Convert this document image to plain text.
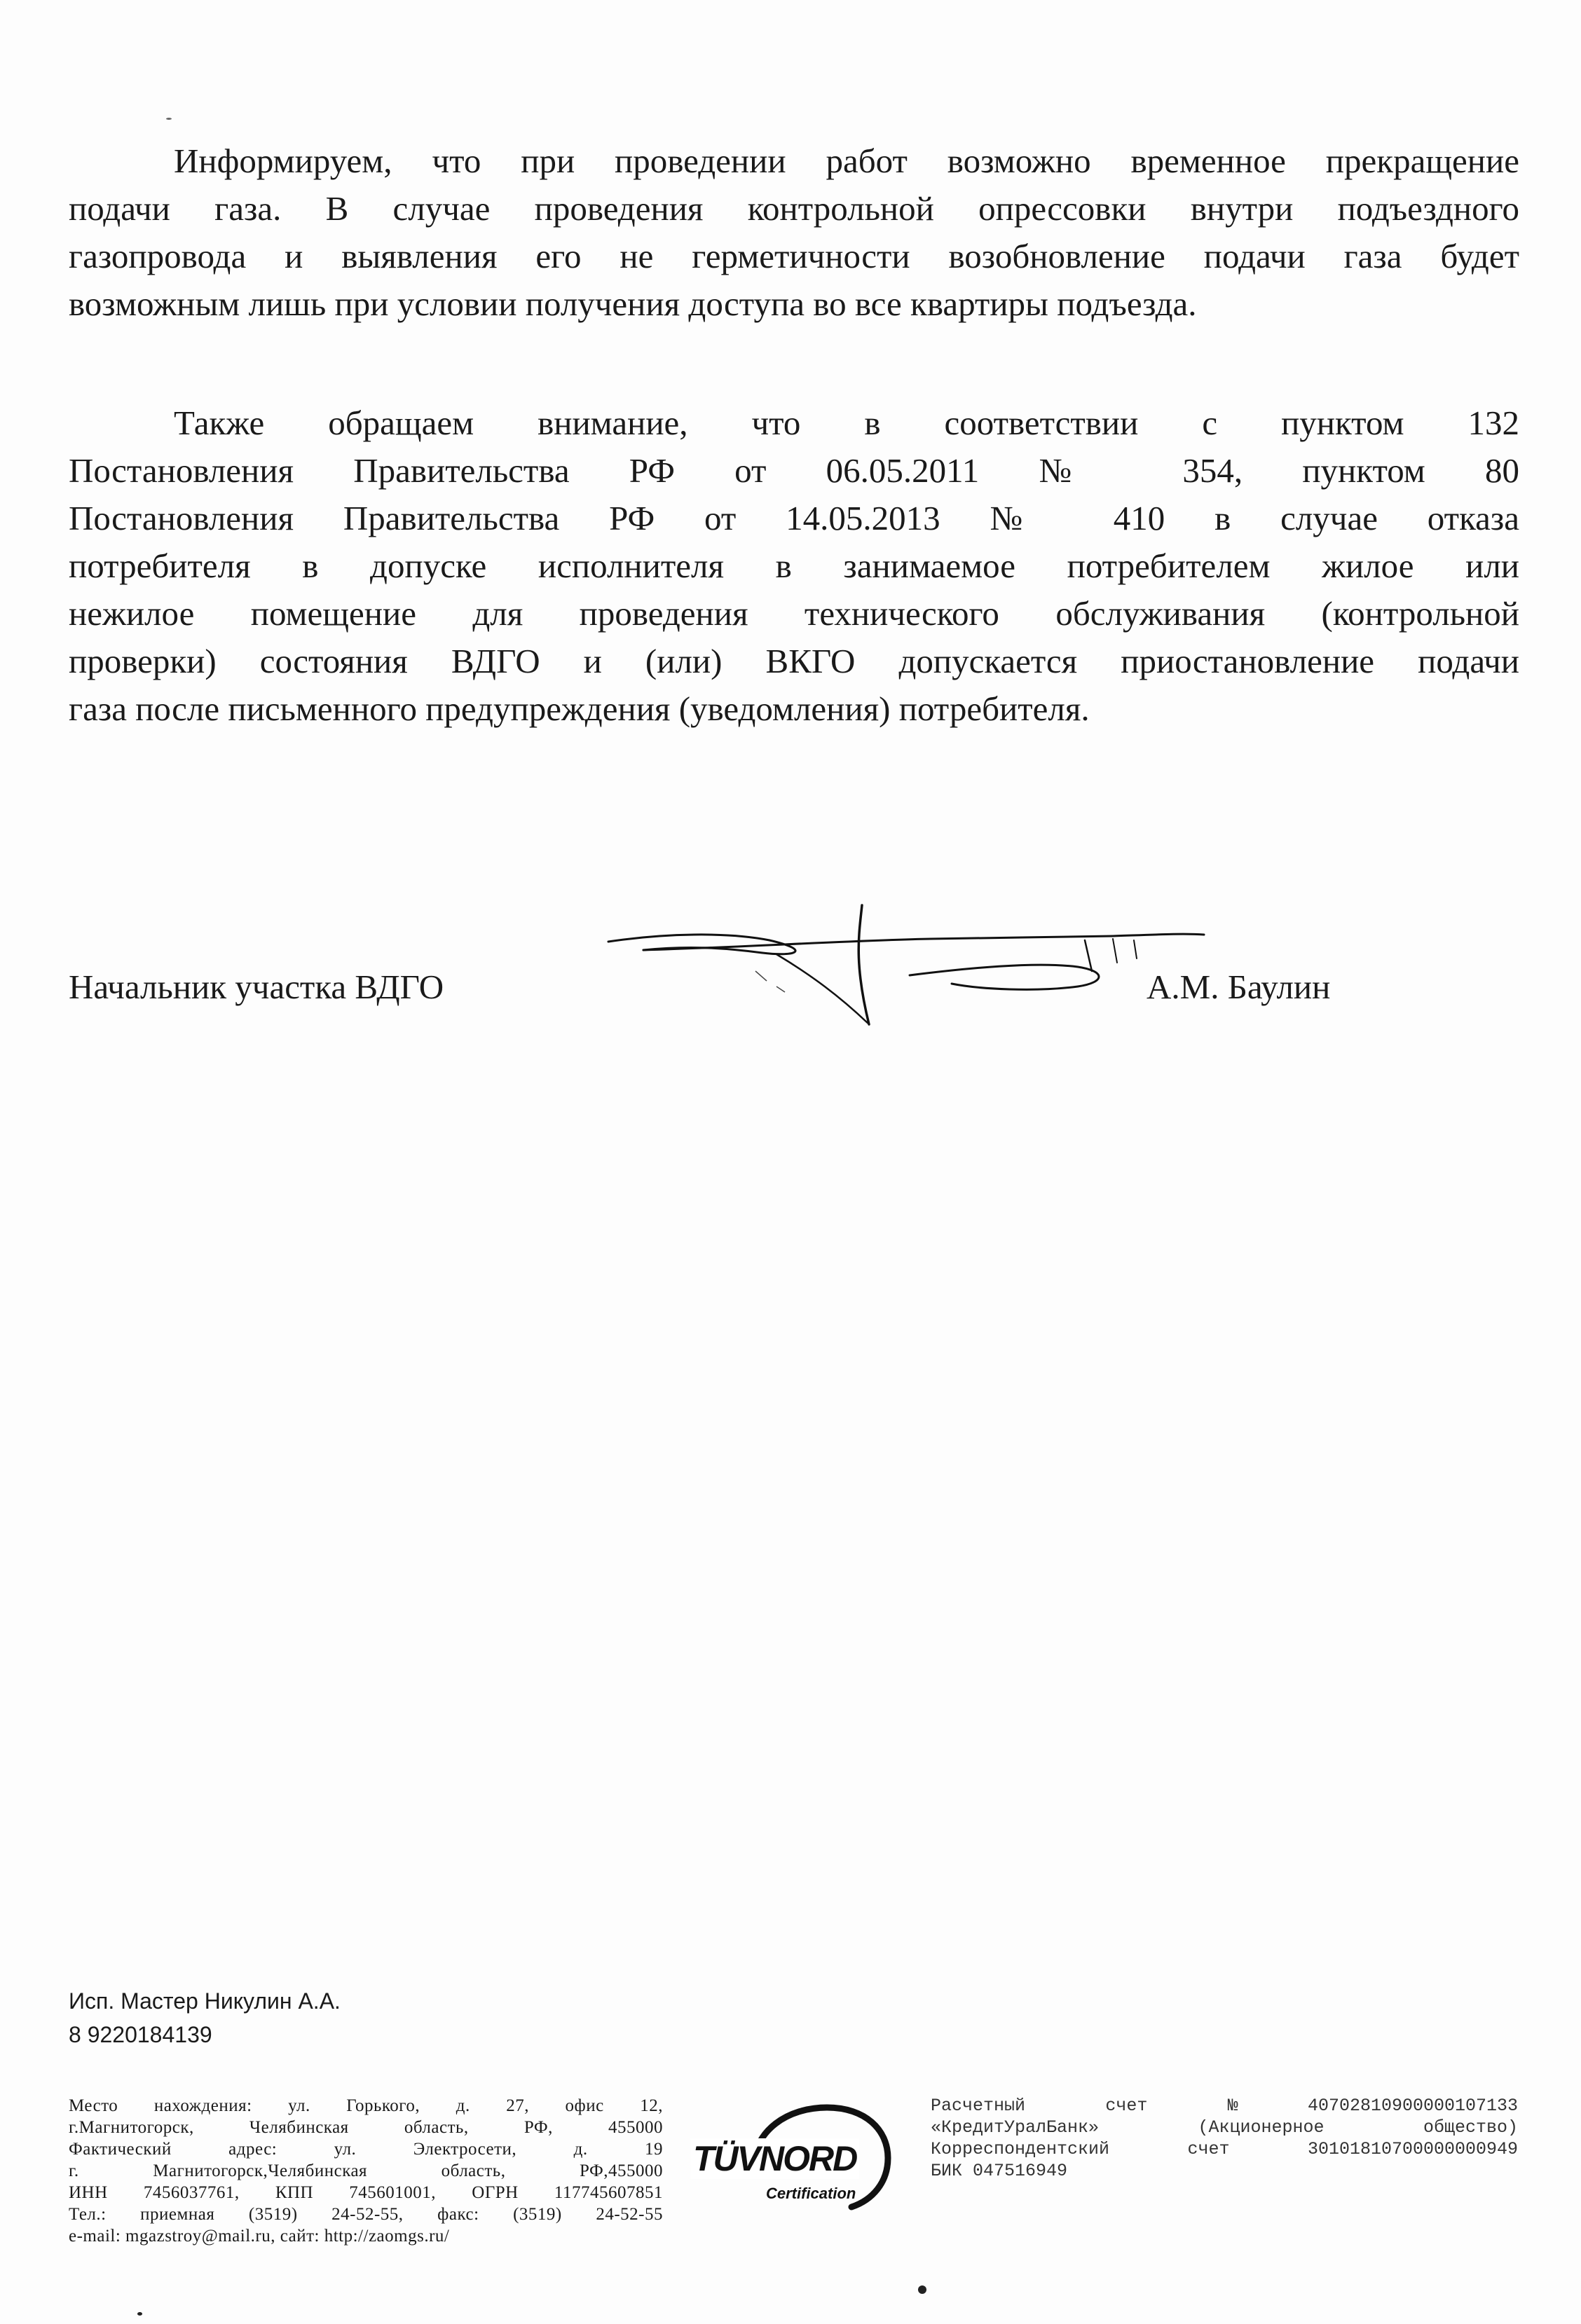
Информируем, что при проведении работ возможно временное прекращение
подачи газа. В случае проведения контрольной опрессовки внутри подъездного
газопровода и выявления его не герметичности возобновление подачи газа будет
возможным лишь при условии получения доступа во все квартиры подъезда.

Также обращаем внимание, что в соответствии с пунктом 132
Постановления Правительства РФ от 06.05.2011 № 354, пунктом 80
Постановления Правительства РФ от 14.05.2013 № 410 в случае отказа
потребителя в допуске исполнителя в занимаемое потребителем жилое или
нежилое помещение для проведения технического обслуживания (контрольной
проверки) состояния ВДГО и (или) ВКГО допускается приостановление подачи
газа после письменного предупреждения (уведомления) потребителя.

Начальник участка ВДГО	А.М. Баулин
Исп. Мастер Никулин А.А.
8 9220184139
Место нахождения: ул. Горького, д. 27, офис 12,
г.Магнитогорск, Челябинская область, РФ, 455000
Фактический адрес: ул. Электросети, д. 19
г. Магнитогорск,Челябинская область, РФ,455000
ИНН 7456037761, КПП 745601001, ОГРН 117745607851
Тел.: приемная (3519) 24-52-55, факс: (3519) 24-52-55
e-mail: mgazstroy@mail.ru, сайт: http://zaomgs.ru/
TÜVNORD
Certification
Расчетный счет №40702810900000107133
«КредитУралБанк» (Акционерное общество)
Корреспондентский счет 30101810700000000949
БИК 047516949
